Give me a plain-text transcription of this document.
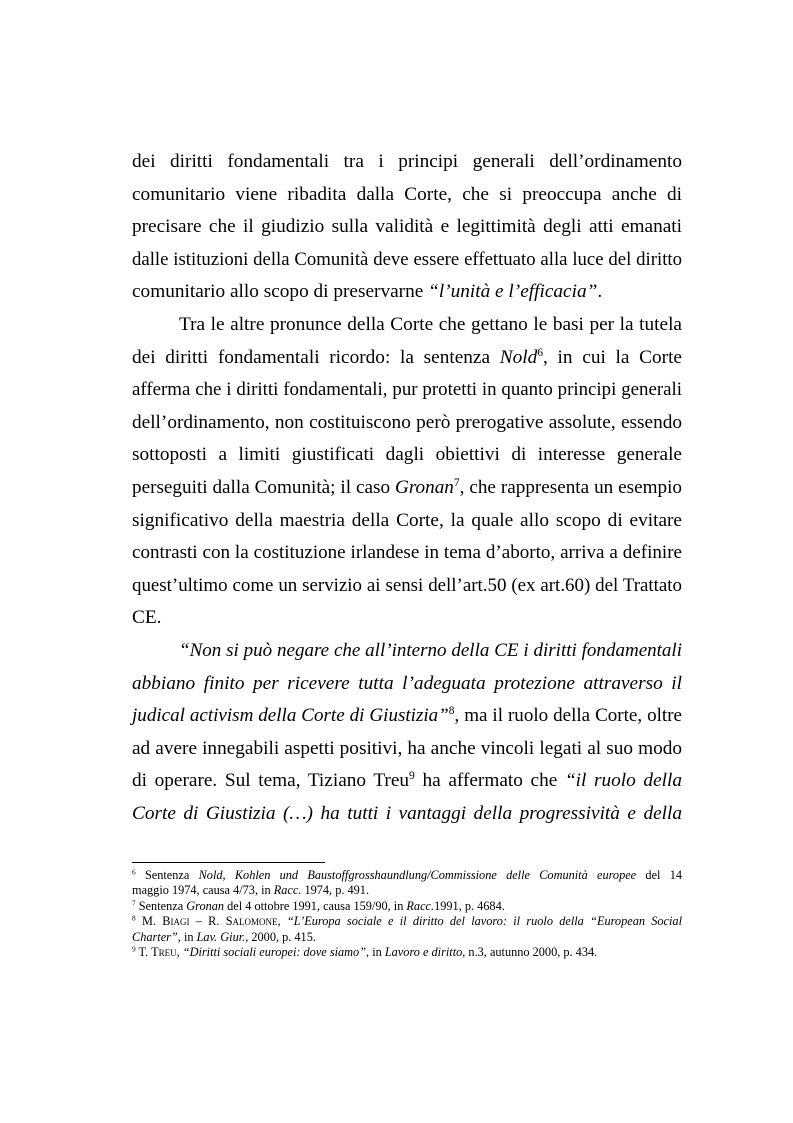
dei diritti fondamentali tra i principi generali dell’ordinamento
comunitario viene ribadita dalla Corte, che si preoccupa anche di
precisare che il giudizio sulla validità e legittimità degli atti emanati
dalle istituzioni della Comunità deve essere effettuato alla luce del diritto
comunitario allo scopo di preservarne “l’unità e l’efficacia”.

Tra le altre pronunce della Corte che gettano le basi per la tutela
dei diritti fondamentali ricordo: la sentenza Nold$^6$, in cui la Corte
afferma che i diritti fondamentali, pur protetti in quanto principi generali
dell’ordinamento, non costituiscono però prerogative assolute, essendo
sottoposti a limiti giustificati dagli obiettivi di interesse generale
perseguiti dalla Comunità; il caso Gronan$^7$, che rappresenta un esempio
significativo della maestria della Corte, la quale allo scopo di evitare
contrasti con la costituzione irlandese in tema d’aborto, arriva a definire
quest’ultimo come un servizio ai sensi dell’art.50 (ex art.60) del Trattato
CE.

“Non si può negare che all’interno della CE i diritti fondamentali
abbiano finito per ricevere tutta l’adeguata protezione attraverso il
judical activism della Corte di Giustizia”$^8$, ma il ruolo della Corte, oltre
ad avere innegabili aspetti positivi, ha anche vincoli legati al suo modo
di operare. Sul tema, Tiziano Treu$^9$ ha affermato che “il ruolo della
Corte di Giustizia (…) ha tutti i vantaggi della progressività e della

$^6$ Sentenza Nold, Kohlen und Baustoffgrosshaundlung/Commissione delle Comunità europee del 14
maggio 1974, causa 4/73, in Racc. 1974, p. 491.

$^7$ Sentenza Gronan del 4 ottobre 1991, causa 159/90, in Racc.1991, p. 4684.

$^8$ M. Biagi – R. Salomone, “L’Europa sociale e il diritto del lavoro: il ruolo della “European Social
Charter”, in Lav. Giur., 2000, p. 415.

$^9$ T. Treu, “Diritti sociali europei: dove siamo”, in Lavoro e diritto, n.3, autunno 2000, p. 434.
